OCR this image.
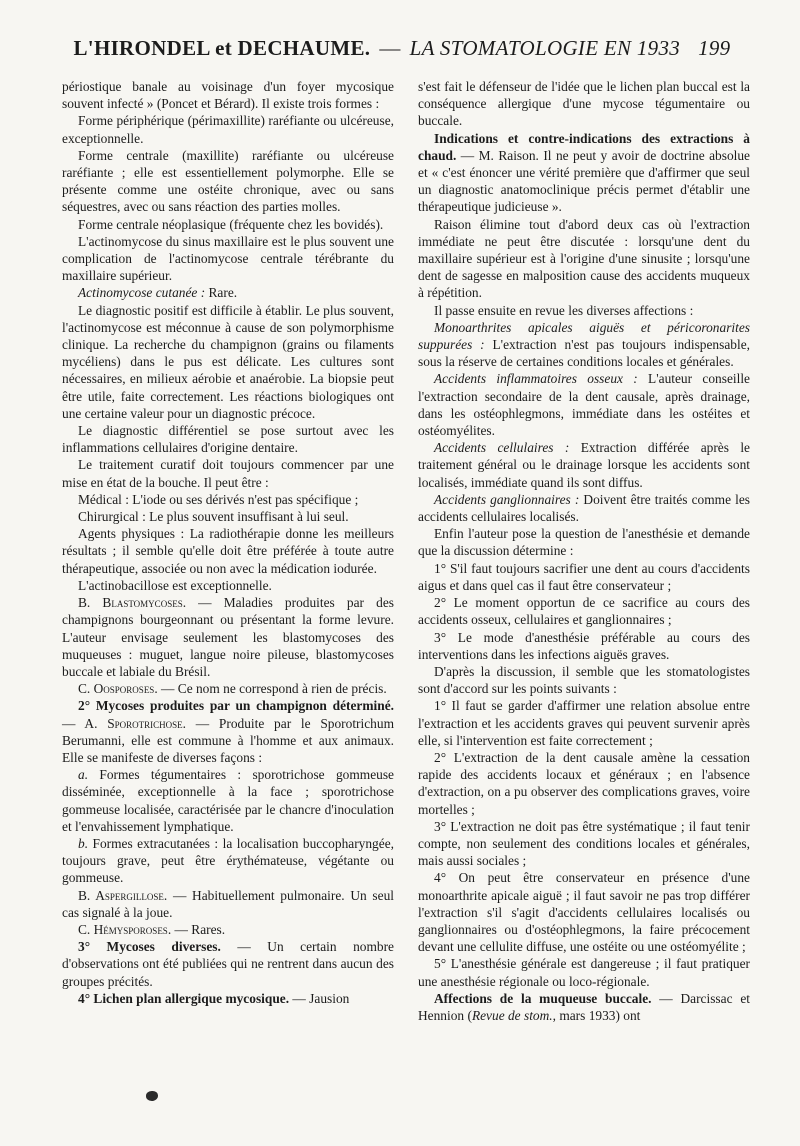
L'HIRONDEL et DECHAUME. — LA STOMATOLOGIE EN 1933 199

périostique banale au voisinage d'un foyer mycosique souvent infecté » (Poncet et Bérard). Il existe trois formes :

Forme périphérique (périmaxillite) raréfiante ou ulcéreuse, exceptionnelle.

Forme centrale (maxillite) raréfiante ou ulcéreuse raréfiante ; elle est essentiellement polymorphe. Elle se présente comme une ostéite chronique, avec ou sans séquestres, avec ou sans réaction des parties molles.

Forme centrale néoplasique (fréquente chez les bovidés).

L'actinomycose du sinus maxillaire est le plus souvent une complication de l'actinomycose centrale térébrante du maxillaire supérieur.

Actinomycose cutanée : Rare.

Le diagnostic positif est difficile à établir. Le plus souvent, l'actinomycose est méconnue à cause de son polymorphisme clinique. La recherche du champignon (grains ou filaments mycéliens) dans le pus est délicate. Les cultures sont nécessaires, en milieux aérobie et anaérobie. La biopsie peut être utile, faite correctement. Les réactions biologiques ont une certaine valeur pour un diagnostic précoce.

Le diagnostic différentiel se pose surtout avec les inflammations cellulaires d'origine dentaire.

Le traitement curatif doit toujours commencer par une mise en état de la bouche. Il peut être :

Médical : L'iode ou ses dérivés n'est pas spécifique ;

Chirurgical : Le plus souvent insuffisant à lui seul.

Agents physiques : La radiothérapie donne les meilleurs résultats ; il semble qu'elle doit être préférée à toute autre thérapeutique, associée ou non avec la médication iodurée.

L'actinobacillose est exceptionnelle.

B. Blastomycoses. — Maladies produites par des champignons bourgeonnant ou présentant la forme levure. L'auteur envisage seulement les blastomycoses des muqueuses : muguet, langue noire pileuse, blastomycoses buccale et labiale du Brésil.

C. Oosporoses. — Ce nom ne correspond à rien de précis.

2° Mycoses produites par un champignon déterminé. — A. Sporotrichose. — Produite par le Sporotrichum Berumanni, elle est commune à l'homme et aux animaux. Elle se manifeste de diverses façons :

a. Formes tégumentaires : sporotrichose gommeuse disséminée, exceptionnelle à la face ; sporotrichose gommeuse localisée, caractérisée par le chancre d'inoculation et l'envahissement lymphatique.

b. Formes extracutanées : la localisation buccopharyngée, toujours grave, peut être érythémateuse, végétante ou gommeuse.

B. Aspergillose. — Habituellement pulmonaire. Un seul cas signalé à la joue.

C. Hémysporoses. — Rares.

3° Mycoses diverses. — Un certain nombre d'observations ont été publiées qui ne rentrent dans aucun des groupes précités.

4° Lichen plan allergique mycosique. — Jausion

s'est fait le défenseur de l'idée que le lichen plan buccal est la conséquence allergique d'une mycose tégumentaire ou buccale.

Indications et contre-indications des extractions à chaud. — M. Raison. Il ne peut y avoir de doctrine absolue et « c'est énoncer une vérité première que d'affirmer que seul un diagnostic anatomoclinique précis permet d'établir une thérapeutique judicieuse ».

Raison élimine tout d'abord deux cas où l'extraction immédiate ne peut être discutée : lorsqu'une dent du maxillaire supérieur est à l'origine d'une sinusite ; lorsqu'une dent de sagesse en malposition cause des accidents muqueux à répétition.

Il passe ensuite en revue les diverses affections :

Monoarthrites apicales aiguës et péricoronarites suppurées : L'extraction n'est pas toujours indispensable, sous la réserve de certaines conditions locales et générales.

Accidents inflammatoires osseux : L'auteur conseille l'extraction secondaire de la dent causale, après drainage, dans les ostéophlegmons, immédiate dans les ostéites et ostéomyélites.

Accidents cellulaires : Extraction différée après le traitement général ou le drainage lorsque les accidents sont localisés, immédiate quand ils sont diffus.

Accidents ganglionnaires : Doivent être traités comme les accidents cellulaires localisés.

Enfin l'auteur pose la question de l'anesthésie et demande que la discussion détermine :

1° S'il faut toujours sacrifier une dent au cours d'accidents aigus et dans quel cas il faut être conservateur ;

2° Le moment opportun de ce sacrifice au cours des accidents osseux, cellulaires et ganglionnaires ;

3° Le mode d'anesthésie préférable au cours des interventions dans les infections aiguës graves.

D'après la discussion, il semble que les stomatologistes sont d'accord sur les points suivants :

1° Il faut se garder d'affirmer une relation absolue entre l'extraction et les accidents graves qui peuvent survenir après elle, si l'intervention est faite correctement ;

2° L'extraction de la dent causale amène la cessation rapide des accidents locaux et généraux ; en l'absence d'extraction, on a pu observer des complications graves, voire mortelles ;

3° L'extraction ne doit pas être systématique ; il faut tenir compte, non seulement des conditions locales et générales, mais aussi sociales ;

4° On peut être conservateur en présence d'une monoarthrite apicale aiguë ; il faut savoir ne pas trop différer l'extraction s'il s'agit d'accidents cellulaires localisés ou ganglionnaires ou d'ostéophlegmons, la faire précocement devant une cellulite diffuse, une ostéite ou une ostéomyélite ;

5° L'anesthésie générale est dangereuse ; il faut pratiquer une anesthésie régionale ou loco-régionale.

Affections de la muqueuse buccale. — Darcissac et Hennion (Revue de stom., mars 1933) ont
